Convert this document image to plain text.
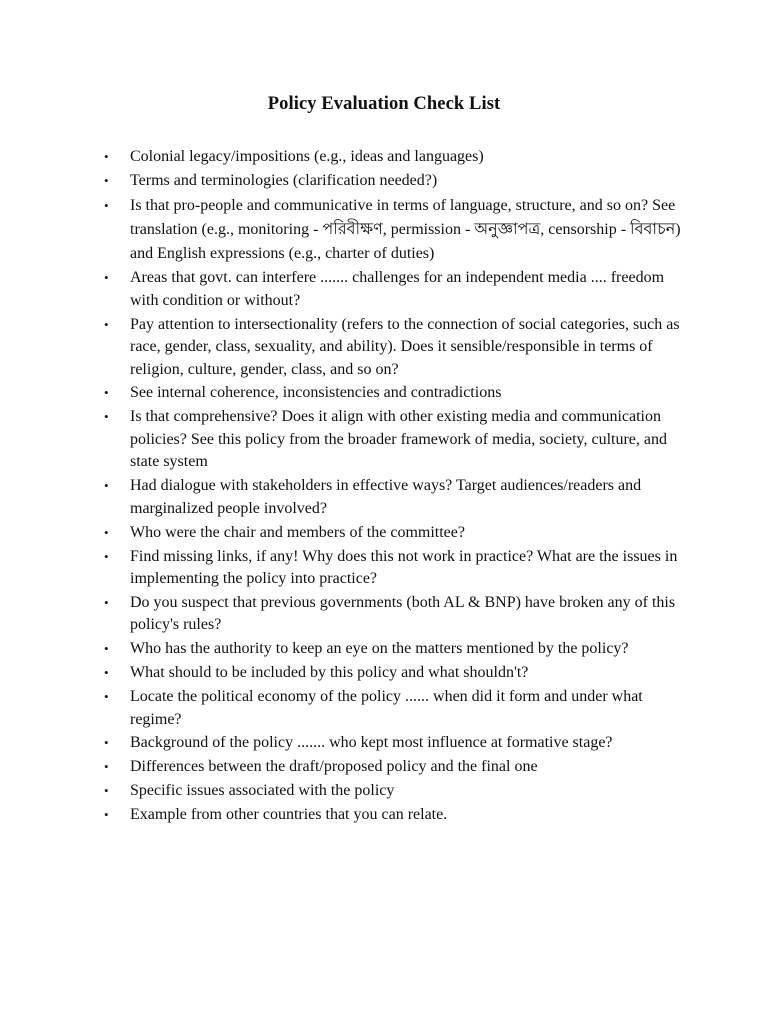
Policy Evaluation Check List
• Colonial legacy/impositions (e.g., ideas and languages)
• Terms and terminologies (clarification needed?)
• Is that pro-people and communicative in terms of language, structure, and so on? See translation (e.g., monitoring - পরিবীক্ষণ, permission - অনুজ্ঞাপত্র, censorship - বিবাচন) and English expressions (e.g., charter of duties)
• Areas that govt. can interfere ....... challenges for an independent media .... freedom with condition or without?
• Pay attention to intersectionality (refers to the connection of social categories, such as race, gender, class, sexuality, and ability). Does it sensible/responsible in terms of religion, culture, gender, class, and so on?
• See internal coherence, inconsistencies and contradictions
• Is that comprehensive? Does it align with other existing media and communication policies? See this policy from the broader framework of media, society, culture, and state system
• Had dialogue with stakeholders in effective ways? Target audiences/readers and marginalized people involved?
• Who were the chair and members of the committee?
• Find missing links, if any! Why does this not work in practice? What are the issues in implementing the policy into practice?
• Do you suspect that previous governments (both AL & BNP) have broken any of this policy's rules?
• Who has the authority to keep an eye on the matters mentioned by the policy?
• What should to be included by this policy and what shouldn't?
• Locate the political economy of the policy ...... when did it form and under what regime?
• Background of the policy ....... who kept most influence at formative stage?
• Differences between the draft/proposed policy and the final one
• Specific issues associated with the policy
• Example from other countries that you can relate.
